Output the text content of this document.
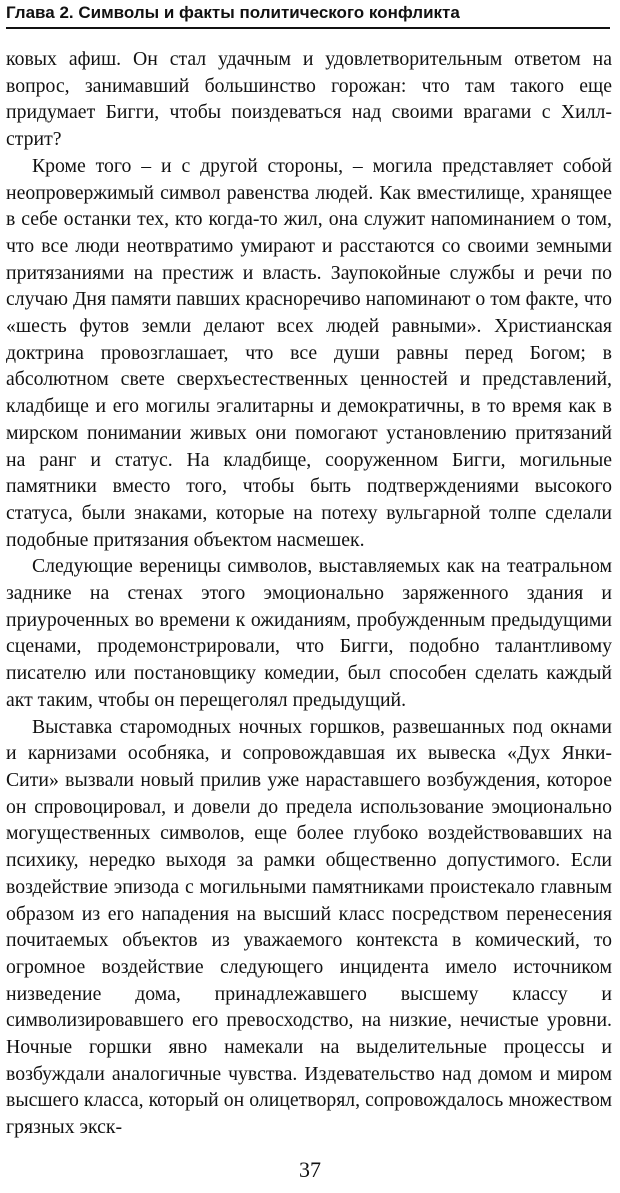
Глава 2. Символы и факты политического конфликта

ковых афиш. Он стал удачным и удовлетворительным ответом на вопрос, занимавший большинство горожан: что там такого еще придумает Бигги, чтобы поиздеваться над своими врагами с Хилл-стрит?

Кроме того – и с другой стороны, – могила представляет собой неопровержимый символ равенства людей. Как вместилище, хранящее в себе останки тех, кто когда-то жил, она служит напоминанием о том, что все люди неотвратимо умирают и расстаются со своими земными притязаниями на престиж и власть. Заупокойные службы и речи по случаю Дня памяти павших красноречиво напоминают о том факте, что «шесть футов земли делают всех людей равными». Христианская доктрина провозглашает, что все души равны перед Богом; в абсолютном свете сверхъестественных ценностей и представлений, кладбище и его могилы эгалитарны и демократичны, в то время как в мирском понимании живых они помогают установлению притязаний на ранг и статус. На кладбище, сооруженном Бигги, могильные памятники вместо того, чтобы быть подтверждениями высокого статуса, были знаками, которые на потеху вульгарной толпе сделали подобные притязания объектом насмешек.

Следующие вереницы символов, выставляемых как на театральном заднике на стенах этого эмоционально заряженного здания и приуроченных во времени к ожиданиям, пробужденным предыдущими сценами, продемонстрировали, что Бигги, подобно талантливому писателю или постановщику комедии, был способен сделать каждый акт таким, чтобы он перещеголял предыдущий.

Выставка старомодных ночных горшков, развешанных под окнами и карнизами особняка, и сопровождавшая их вывеска «Дух Янки-Сити» вызвали новый прилив уже нараставшего возбуждения, которое он спровоцировал, и довели до предела использование эмоционально могущественных символов, еще более глубоко воздействовавших на психику, нередко выходя за рамки общественно допустимого. Если воздействие эпизода с могильными памятниками проистекало главным образом из его нападения на высший класс посредством перенесения почитаемых объектов из уважаемого контекста в комический, то огромное воздействие следующего инцидента имело источником низведение дома, принадлежавшего высшему классу и символизировавшего его превосходство, на низкие, нечистые уровни. Ночные горшки явно намекали на выделительные процессы и возбуждали аналогичные чувства. Издевательство над домом и миром высшего класса, который он олицетворял, сопровождалось множеством грязных экск-

37
